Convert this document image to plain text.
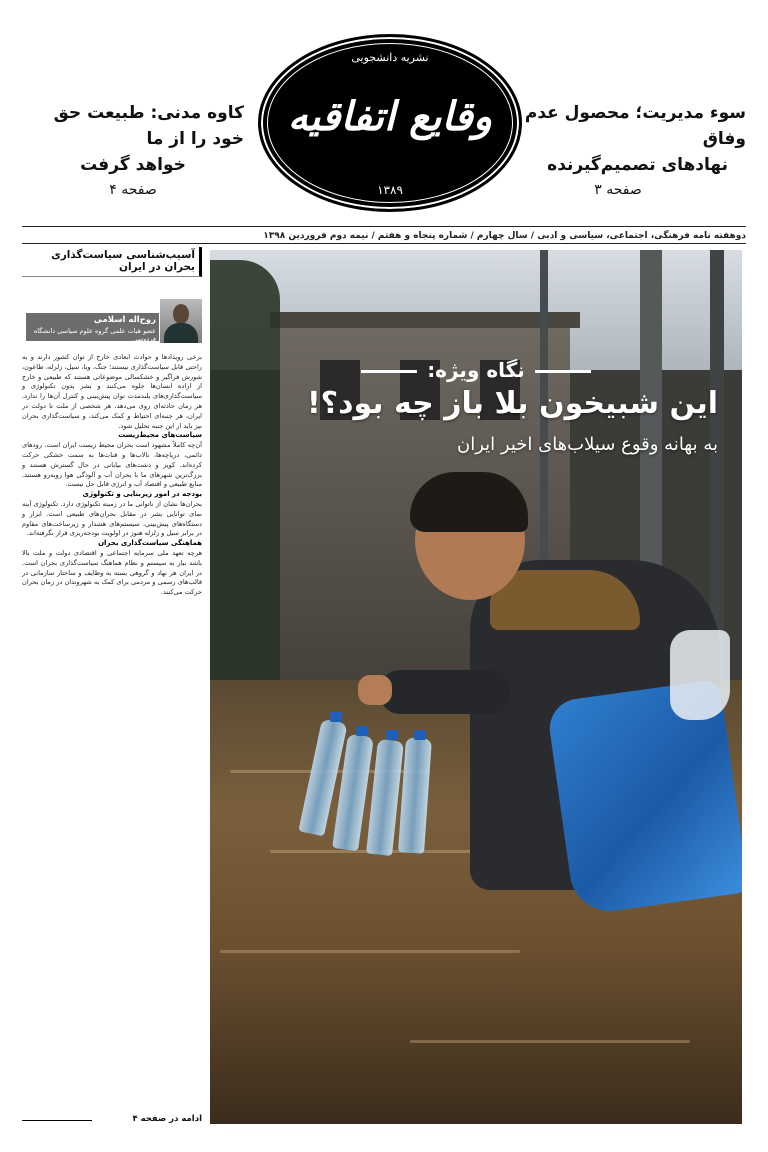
کاوه مدنی: طبیعت حق خود را از ما
خواهد گرفت
صفحه ۴
نشریه دانشجویی
وقایع اتفاقیه
۱۳۸۹
سوء مدیریت؛ محصول عدم وفاق
نهادهای تصمیم‌گیرنده
صفحه ۳
دوهفته نامه فرهنگی، اجتماعی، سیاسی و ادبی / سال چهارم / شماره پنجاه و هفتم / نیمه دوم فروردین ۱۳۹۸
آسیب‌شناسی سیاست‌گذاری بحران در ایران
روح‌اله اسلامی
عضو هیات علمی گروه علوم سیاسی دانشگاه فردوسی
برخی رویدادها و حوادث ابعادی خارج از توان کشور دارند و به راحتی قابل سیاست‌گذاری نیستند؛ جنگ، وبا، سیل، زلزله، طاعون، شورش فراگیر و خشکسالی موضوعاتی هستند که طبیعی و خارج از اراده انسان‌ها جلوه می‌کنند و بشر بدون تکنولوژی و سیاست‌گذاری‌های بلندمدت توان پیش‌بینی و کنترل آن‌ها را ندارد. هر زمان حادثه‌ای روی می‌دهد، هر شخصی از ملت تا دولت در ایران، هر جنبه‌ای احتیاط و کمک می‌کند، و سیاست‌گذاری بحران نیز باید از این جنبه تحلیل شود.
سیاست‌های محیط‌زیست
آن‌چه کاملاً مشهود است بحران محیط زیست ایران است. رودهای دائمی، دریاچه‌ها، تالاب‌ها و قنات‌ها به سمت خشکی حرکت کرده‌اند. کویر و دشت‌های بیابانی در حال گسترش هستند و بزرگ‌ترین شهرهای ما با بحران آب و آلودگی هوا روبه‌رو هستند. منابع طبیعی و اقتصاد آب و انرژی قابل حل نیست.
بودجه در امور زیربنایی و تکنولوژی
بحران‌ها نشان از ناتوانی ما در زمینه تکنولوژی دارد. تکنولوژی آینه نمای توانایی بشر در مقابل بحران‌های طبیعی است. ابزار و دستگاه‌های پیش‌بینی، سیستم‌های هشدار و زیرساخت‌های مقاوم در برابر سیل و زلزله هنوز در اولویت بودجه‌ریزی قرار نگرفته‌اند.
هماهنگی سیاست‌گذاری بحران
هرچه تعهد ملی سرمایه اجتماعی و اقتصادی دولت و ملت بالا باشد نیاز به سیستم و نظام هماهنگ سیاست‌گذاری بحران است. در ایران هر نهاد و گروهی بسته به وظایف و ساختار سازمانی در قالب‌های رسمی و مردمی برای کمک به شهروندان در زمان بحران حرکت می‌کنند.
ادامه در صفحه ۴
نگاه ویژه:
این شبیخون بلا باز چه بود؟!
به بهانه وقوع سیلاب‌های اخیر ایران
